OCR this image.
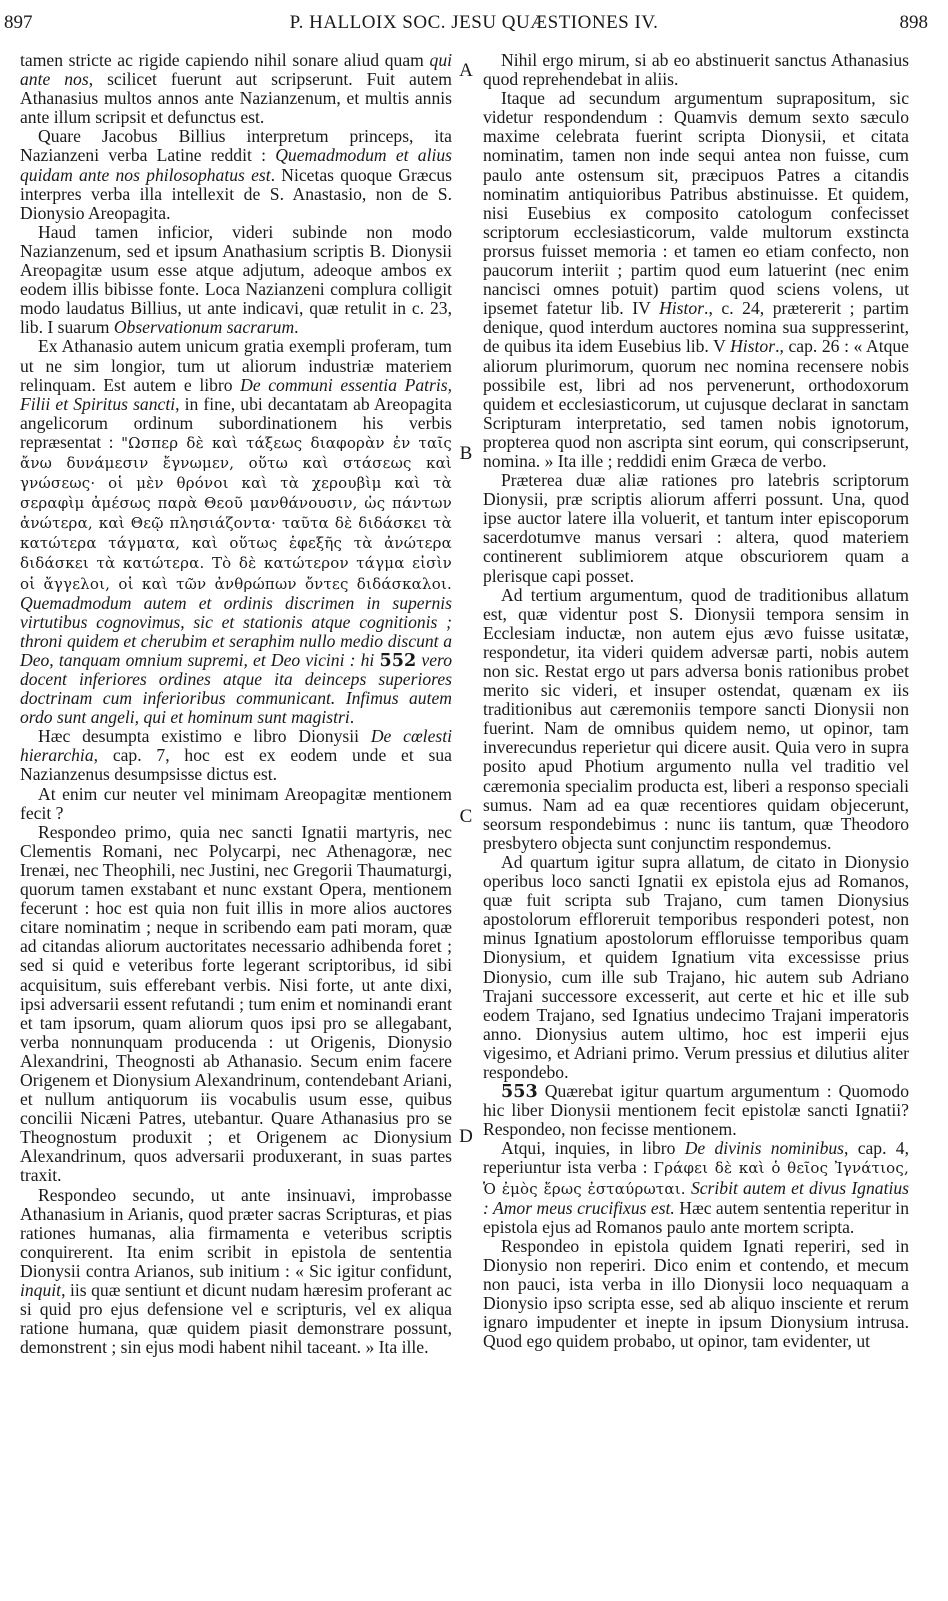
897	P. HALLOIX SOC. JESU QUÆSTIONES IV.	898

tamen stricte ac rigide capiendo nihil sonare aliud quam qui ante nos, scilicet fuerunt aut scripserunt. Fuit autem Athanasius multos annos ante Nazianzenum, et multis annis ante illum scripsit et defunctus est.

Quare Jacobus Billius interpretum princeps, ita Nazianzeni verba Latine reddit : Quemadmodum et alius quidam ante nos philosophatus est. Nicetas quoque Græcus interpres verba illa intellexit de S. Anastasio, non de S. Dionysio Areopagita.

Haud tamen inficior, videri subinde non modo Nazianzenum, sed et ipsum Anathasium scriptis B. Dionysii Areopagitæ usum esse atque adjutum, adeoque ambos ex eodem illis bibisse fonte. Loca Nazianzeni complura colligit modo laudatus Billius, ut ante indicavi, quæ retulit in c. 23, lib. I suarum Observationum sacrarum.

Ex Athanasio autem unicum gratia exempli proferam, tum ut ne sim longior, tum ut aliorum industriæ materiem relinquam. Est autem e libro De communi essentia Patris, Filii et Spiritus sancti, in fine, ubi decantatam ab Areopagita angelicorum ordinum subordinationem his verbis repræsentat : "Ωσπερ δὲ καὶ τάξεως διαφορὰν ἐν ταῖς ἄνω δυνάμεσιν ἔγνωμεν, οὕτω καὶ στάσεως καὶ γνώσεως· οἱ μὲν θρόνοι καὶ τὰ χερουβὶμ καὶ τὰ σεραφὶμ ἀμέσως παρὰ Θεοῦ μανθάνουσιν, ὡς πάντων ἀνώτερα, καὶ Θεῷ πλησιάζοντα· ταῦτα δὲ διδάσκει τὰ κατώτερα τάγματα, καὶ οὕτως ἑφεξῆς τὰ ἀνώτερα διδάσκει τὰ κατώτερα. Τὸ δὲ κατώτερον τάγμα εἰσὶν οἱ ἄγγελοι, οἱ καὶ τῶν ἀνθρώπων ὄντες διδάσκαλοι. Quemadmodum autem et ordinis discrimen in supernis virtutibus cognovimus, sic et stationis atque cognitionis ; throni quidem et cherubim et seraphim nullo medio discunt a Deo, tanquam omnium supremi, et Deo vicini : hi 552 vero docent inferiores ordines atque ita deinceps superiores doctrinam cum inferioribus communicant. Infimus autem ordo sunt angeli, qui et hominum sunt magistri.

Hæc desumpta existimo e libro Dionysii De cœlesti hierarchia, cap. 7, hoc est ex eodem unde et sua Nazianzenus desumpsisse dictus est.

At enim cur neuter vel minimam Areopagitæ mentionem fecit ?

Respondeo primo, quia nec sancti Ignatii martyris, nec Clementis Romani, nec Polycarpi, nec Athenagoræ, nec Irenæi, nec Theophili, nec Justini, nec Gregorii Thaumaturgi, quorum tamen exstabant et nunc exstant Opera, mentionem fecerunt : hoc est quia non fuit illis in more alios auctores citare nominatim ; neque in scribendo eam pati moram, quæ ad citandas aliorum auctoritates necessario adhibenda foret ; sed si quid e veteribus forte legerant scriptoribus, id sibi acquisitum, suis efferebant verbis. Nisi forte, ut ante dixi, ipsi adversarii essent refutandi ; tum enim et nominandi erant et tam ipsorum, quam aliorum quos ipsi pro se allegabant, verba nonnunquam producenda : ut Origenis, Dionysio Alexandrini, Theognosti ab Athanasio. Secum enim facere Origenem et Dionysium Alexandrinum, contendebant Ariani, et nullum antiquorum iis vocabulis usum esse, quibus concilii Nicæni Patres, utebantur. Quare Athanasius pro se Theognostum produxit ; et Origenem ac Dionysium Alexandrinum, quos adversarii produxerant, in suas partes traxit.

Respondeo secundo, ut ante insinuavi, improbasse Athanasium in Arianis, quod præter sacras Scripturas, et pias rationes humanas, alia firmamenta e veteribus scriptis conquirerent. Ita enim scribit in epistola de sententia Dionysii contra Arianos, sub initium : « Sic igitur confidunt, inquit, iis quæ sentiunt et dicunt nudam hæresim proferant ac si quid pro ejus defensione vel e scripturis, vel ex aliqua ratione humana, quæ quidem piasit demonstrare possunt, demonstrent ; sin ejus modi habent nihil taceant. » Ita ille.

Nihil ergo mirum, si ab eo abstinuerit sanctus Athanasius quod reprehendebat in aliis.

Itaque ad secundum argumentum suprapositum, sic videtur respondendum : Quamvis demum sexto sæculo maxime celebrata fuerint scripta Dionysii, et citata nominatim, tamen non inde sequi antea non fuisse, cum paulo ante ostensum sit, præcipuos Patres a citandis nominatim antiquioribus Patribus abstinuisse. Et quidem, nisi Eusebius ex composito catologum confecisset scriptorum ecclesiasticorum, valde multorum exstincta prorsus fuisset memoria : et tamen eo etiam confecto, non paucorum interiit ; partim quod eum latuerint (nec enim nancisci omnes potuit) partim quod sciens volens, ut ipsemet fatetur lib. IV Histor., c. 24, prætererit ; partim denique, quod interdum auctores nomina sua suppresserint, de quibus ita idem Eusebius lib. V Histor., cap. 26 : « Atque aliorum plurimorum, quorum nec nomina recensere nobis possibile est, libri ad nos pervenerunt, orthodoxorum quidem et ecclesiasticorum, ut cujusque declarat in sanctam Scripturam interpretatio, sed tamen nobis ignotorum, propterea quod non ascripta sint eorum, qui conscripserunt, nomina. » Ita ille ; reddidi enim Græca de verbo.

Præterea duæ aliæ rationes pro latebris scriptorum Dionysii, præ scriptis aliorum afferri possunt. Una, quod ipse auctor latere illa voluerit, et tantum inter episcoporum sacerdotumve manus versari : altera, quod materiem continerent sublimiorem atque obscuriorem quam a plerisque capi posset.

Ad tertium argumentum, quod de traditionibus allatum est, quæ videntur post S. Dionysii tempora sensim in Ecclesiam inductæ, non autem ejus ævo fuisse usitatæ, respondetur, ita videri quidem adversæ parti, nobis autem non sic. Restat ergo ut pars adversa bonis rationibus probet merito sic videri, et insuper ostendat, quænam ex iis traditionibus aut cæremoniis tempore sancti Dionysii non fuerint. Nam de omnibus quidem nemo, ut opinor, tam inverecundus reperietur qui dicere ausit. Quia vero in supra posito apud Photium argumento nulla vel traditio vel cæremonia specialim producta est, liberi a responso speciali sumus. Nam ad ea quæ recentiores quidam objecerunt, seorsum respondebimus : nunc iis tantum, quæ Theodoro presbytero objecta sunt conjunctim respondemus.

Ad quartum igitur supra allatum, de citato in Dionysio operibus loco sancti Ignatii ex epistola ejus ad Romanos, quæ fuit scripta sub Trajano, cum tamen Dionysius apostolorum effloreruit temporibus responderi potest, non minus Ignatium apostolorum effloruisse temporibus quam Dionysium, et quidem Ignatium vita excessisse prius Dionysio, cum ille sub Trajano, hic autem sub Adriano Trajani successore excesserit, aut certe et hic et ille sub eodem Trajano, sed Ignatius undecimo Trajani imperatoris anno. Dionysius autem ultimo, hoc est imperii ejus vigesimo, et Adriani primo. Verum pressius et dilutius aliter respondebo.

553 Quærebat igitur quartum argumentum : Quomodo hic liber Dionysii mentionem fecit epistolæ sancti Ignatii? Respondeo, non fecisse mentionem.

Atqui, inquies, in libro De divinis nominibus, cap. 4, reperiuntur ista verba : Γράφει δὲ καὶ ὁ θεῖος Ἰγνάτιος, Ὁ ἐμὸς ἔρως ἐσταύρωται. Scribit autem et divus Ignatius : Amor meus crucifixus est. Hæc autem sententia reperitur in epistola ejus ad Romanos paulo ante mortem scripta.

Respondeo in epistola quidem Ignati reperiri, sed in Dionysio non reperiri. Dico enim et contendo, et mecum non pauci, ista verba in illo Dionysii loco nequaquam a Dionysio ipso scripta esse, sed ab aliquo insciente et rerum ignaro impudenter et inepte in ipsum Dionysium intrusa. Quod ego quidem probabo, ut opinor, tam evidenter, ut

A
B
C
D
